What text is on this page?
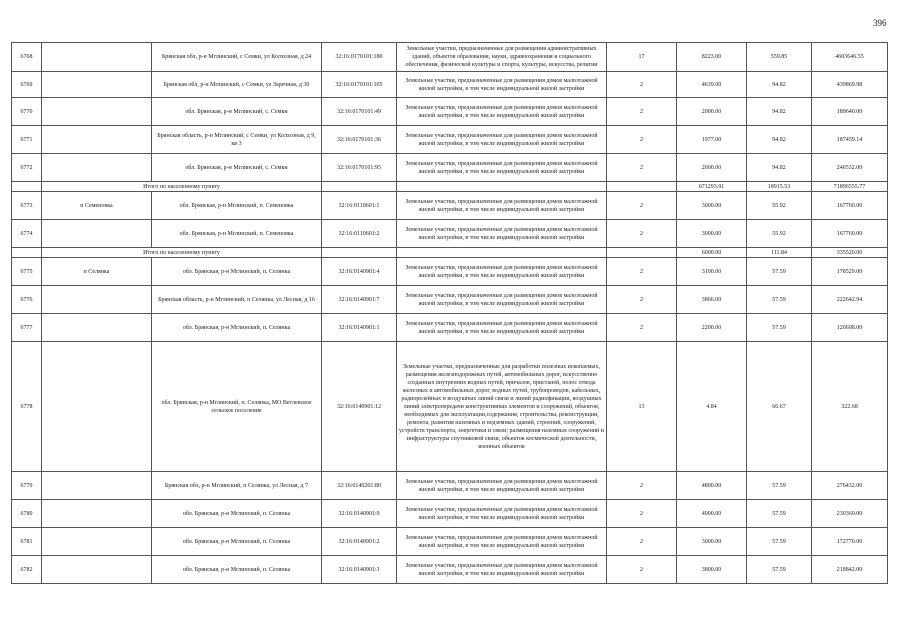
396
6768		Брянская обл, р-н Мглинский, с Семки, ул Колхозная, д 24	32:16:0170101:180	Земельные участки, предназначенные для размещения административных зданий, объектов образования, науки, здравоохранения и социального обеспечения, физической культуры и спорта, культуры, искусства, религии	17	8223.00	559.85	4603646.55
6769		Брянская обл, р-н Мглинский, с Семки, ул Заречная, д 30	32:16:0170101:105	Земельные участки, предназначенные для размещения домов малоэтажной жилой застройки, в том числе индивидуальной жилой застройки	2	4639.00	94.82	439869.98
6770		обл. Брянская, р-н Мглинский, с. Семки	32:16:0170101:49	Земельные участки, предназначенные для размещения домов малоэтажной жилой застройки, в том числе индивидуальной жилой застройки	2	2000.00	94.82	189640.00
6771		Брянская область, р-н Мглинский, с Семки, ул Колхозная, д 9, кв 3	32:16:0170101:36	Земельные участки, предназначенные для размещения домов малоэтажной жилой застройки, в том числе индивидуальной жилой застройки	2	1977.00	94.82	187459.14
6772		обл. Брянская, р-н Мглинский, с. Семки	32:16:0170101:95	Земельные участки, предназначенные для размещения домов малоэтажной жилой застройки, в том числе индивидуальной жилой застройки	2	2600.00	94.82	246532.00
	Итого по населенному пункту					671293.91	18915.53	71896555.77
6773	п Семеновка	обл. Брянская, р-н Мглинский, п. Семеновка	32:16:0110601:1	Земельные участки, предназначенные для размещения домов малоэтажной жилой застройки, в том числе индивидуальной жилой застройки	2	3000.00	55.92	167760.00
6774		обл. Брянская, р-н Мглинский, п. Семеновка	32:16:0110601:2	Земельные участки, предназначенные для размещения домов малоэтажной жилой застройки, в том числе индивидуальной жилой застройки	2	3000.00	55.92	167760.00
	Итого по населенному пункту					6000.00	111.84	335520.00
6775	п Селянка	обл. Брянская, р-н Мглинский, п. Селянка	32:16:0140901:4	Земельные участки, предназначенные для размещения домов малоэтажной жилой застройки, в том числе индивидуальной жилой застройки	2	3100.00	57.59	178529.00
6776		Брянская область, р-н Мглинский, п Селянка, ул Лесная, д 16	32:16:0140901:7	Земельные участки, предназначенные для размещения домов малоэтажной жилой застройки, в том числе индивидуальной жилой застройки	2	3866.00	57.59	222642.94
6777		обл. Брянская, р-н Мглинский, п. Селянка	32:16:0140901:1	Земельные участки, предназначенные для размещения домов малоэтажной жилой застройки, в том числе индивидуальной жилой застройки	2	2200.00	57.59	126698.00
6778		обл. Брянская, р-н Мглинский, п. Селянка, МО Ветлевское сельское поселение	32:16:0140901:12	Земельные участки, предназначенные для разработки полезных ископаемых, размещения железнодорожных путей, автомобильных дорог, искусственно созданных внутренних водных путей, причалов, пристаней, полос отвода железных и автомобильных дорог, водных путей, трубопроводов, кабельных, радиорелейных и воздушных линий связи и линий радиофикации, воздушных линий электропередачи конструктивных элементов и сооружений, объектов, необходимых для эксплуатации,содержания, строительства, реконструкции, ремонта, развития наземных и подземных зданий, строений, сооружений, устройств транспорта, энергетики и связи; размещения наземных сооружений и инфраструктуры спутниковой связи, объектов космической деятельности, военных объектов	13	4.84	66.67	322.68
6779		Брянская обл, р-н Мглинский, п Селянка, ул Лесная, д 7	32:16:0140201:80	Земельные участки, предназначенные для размещения домов малоэтажной жилой застройки, в том числе индивидуальной жилой застройки	2	4800.00	57.59	276432.00
6780		обл. Брянская, р-н Мглинский, п. Селянка	32:16:0140901:9	Земельные участки, предназначенные для размещения домов малоэтажной жилой застройки, в том числе индивидуальной жилой застройки	2	4000.00	57.59	230360.00
6781		обл. Брянская, р-н Мглинский, п. Селянка	32:16:0140901:2	Земельные участки, предназначенные для размещения домов малоэтажной жилой застройки, в том числе индивидуальной жилой застройки	2	3000.00	57.59	172770.00
6782		обл. Брянская, р-н Мглинский, п. Селянка	32:16:0140901:3	Земельные участки, предназначенные для размещения домов малоэтажной жилой застройки, в том числе индивидуальной жилой застройки	2	3800.00	57.59	218842.00
